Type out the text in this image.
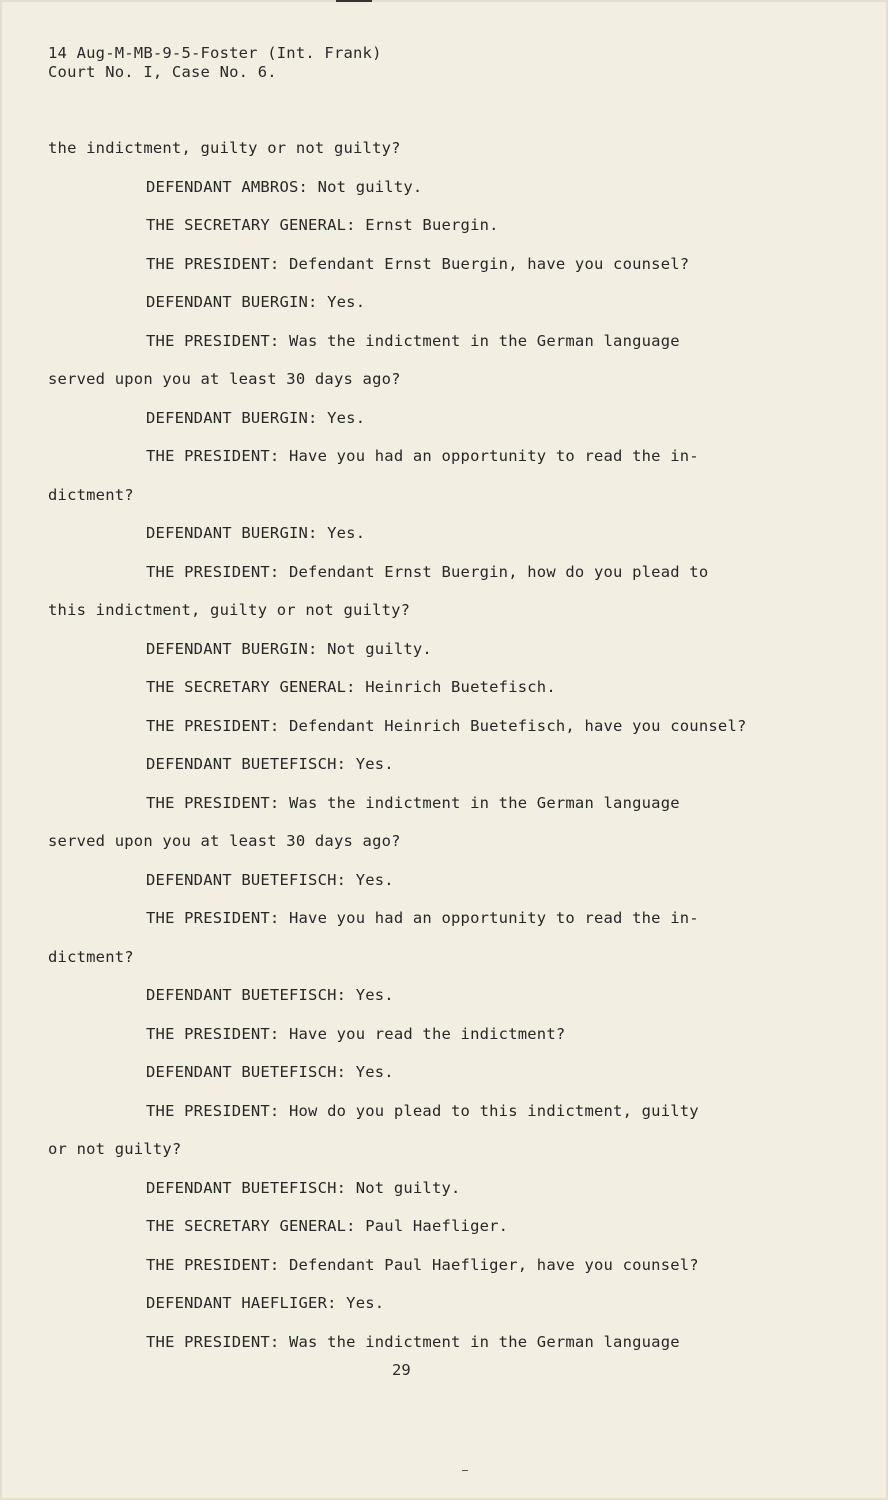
14 Aug-M-MB-9-5-Foster (Int. Frank)
Court No. I, Case No. 6.
the indictment, guilty or not guilty?
DEFENDANT AMBROS: Not guilty.
THE SECRETARY GENERAL: Ernst Buergin.
THE PRESIDENT: Defendant Ernst Buergin, have you counsel?
DEFENDANT BUERGIN: Yes.
THE PRESIDENT: Was the indictment in the German language
served upon you at least 30 days ago?
DEFENDANT BUERGIN: Yes.
THE PRESIDENT: Have you had an opportunity to read the in-
dictment?
DEFENDANT BUERGIN: Yes.
THE PRESIDENT: Defendant Ernst Buergin, how do you plead to
this indictment, guilty or not guilty?
DEFENDANT BUERGIN: Not guilty.
THE SECRETARY GENERAL: Heinrich Buetefisch.
THE PRESIDENT: Defendant Heinrich Buetefisch, have you counsel?
DEFENDANT BUETEFISCH: Yes.
THE PRESIDENT: Was the indictment in the German language
served upon you at least 30 days ago?
DEFENDANT BUETEFISCH: Yes.
THE PRESIDENT: Have you had an opportunity to read the in-
dictment?
DEFENDANT BUETEFISCH: Yes.
THE PRESIDENT: Have you read the indictment?
DEFENDANT BUETEFISCH: Yes.
THE PRESIDENT: How do you plead to this indictment, guilty
or not guilty?
DEFENDANT BUETEFISCH: Not guilty.
THE SECRETARY GENERAL: Paul Haefliger.
THE PRESIDENT: Defendant Paul Haefliger, have you counsel?
DEFENDANT HAEFLIGER: Yes.
THE PRESIDENT: Was the indictment in the German language
29
